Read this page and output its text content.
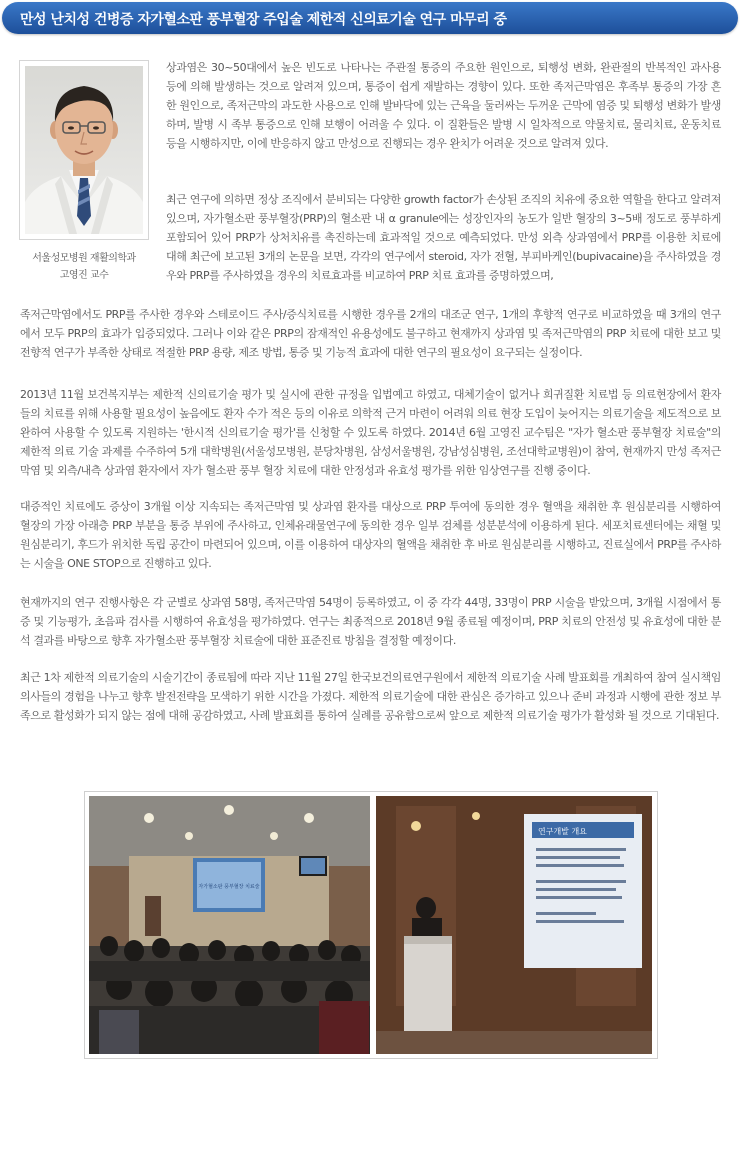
만성 난치성 건병증 자가혈소판 풍부혈장 주입술 제한적 신의료기술 연구 마무리 중
서울성모병원 재활의학과
고영진 교수

상과염은 30~50대에서 높은 빈도로 나타나는 주관절 통증의 주요한 원인으로, 퇴행성 변화, 완관절의 반복적인 과사용 등에 의해 발생하는 것으로 알려져 있으며, 통증이 쉽게 재발하는 경향이 있다. 또한 족저근막염은 후족부 통증의 가장 흔한 원인으로, 족저근막의 과도한 사용으로 인해 발바닥에 있는 근육을 둘러싸는 두꺼운 근막에 염증 및 퇴행성 변화가 발생하며, 발병 시 족부 통증으로 인해 보행이 어려울 수 있다. 이 질환들은 발병 시 일차적으로 약물치료, 물리치료, 운동치료 등을 시행하지만, 이에 반응하지 않고 만성으로 진행되는 경우 완치가 어려운 것으로 알려져 있다.

최근 연구에 의하면 정상 조직에서 분비되는 다양한 growth factor가 손상된 조직의 치유에 중요한 역할을 한다고 알려져 있으며, 자가혈소판 풍부혈장(PRP)의 혈소판 내 α granule에는 성장인자의 농도가 일반 혈장의 3~5배 정도로 풍부하게 포함되어 있어 PRP가 상처치유를 촉진하는데 효과적일 것으로 예측되었다. 만성 외측 상과염에서 PRP를 이용한 치료에 대해 최근에 보고된 3개의 논문을 보면, 각각의 연구에서 steroid, 자가 전혈, 부피바케인(bupivacaine)을 주사하였을 경우와 PRP를 주사하였을 경우의 치료효과를 비교하여 PRP 치료 효과를 증명하였으며,

족저근막염에서도 PRP를 주사한 경우와 스테로이드 주사/증식치료를 시행한 경우를 2개의 대조군 연구, 1개의 후향적 연구로 비교하였을 때 3개의 연구에서 모두 PRP의 효과가 입증되었다. 그러나 이와 같은 PRP의 잠재적인 유용성에도 불구하고 현재까지 상과염 및 족저근막염의 PRP 치료에 대한 보고 및 전향적 연구가 부족한 상태로 적절한 PRP 용량, 제조 방법, 통증 및 기능적 효과에 대한 연구의 필요성이 요구되는 실정이다.

2013년 11월 보건복지부는 제한적 신의료기술 평가 및 실시에 관한 규정을 입법예고 하였고, 대체기술이 없거나 희귀질환 치료법 등 의료현장에서 환자들의 치료를 위해 사용할 필요성이 높음에도 환자 수가 적은 등의 이유로 의학적 근거 마련이 어려워 의료 현장 도입이 늦어지는 의료기술을 제도적으로 보완하여 사용할 수 있도록 지원하는 '한시적 신의료기술 평가'를 신청할 수 있도록 하였다. 2014년 6월 고영진 교수팀은 "자가 혈소판 풍부혈장 치료술"의 제한적 의료 기술 과제를 수주하여 5개 대학병원(서울성모병원, 분당차병원, 삼성서울병원, 강남성심병원, 조선대학교병원)이 참여, 현재까지 만성 족저근막염 및 외측/내측 상과염 환자에서 자가 혈소판 풍부 혈장 치료에 대한 안정성과 유효성 평가를 위한 임상연구를 진행 중이다.

대증적인 치료에도 증상이 3개월 이상 지속되는 족저근막염 및 상과염 환자를 대상으로 PRP 투여에 동의한 경우 혈액을 채취한 후 원심분리를 시행하여 혈장의 가장 아래층 PRP 부분을 통증 부위에 주사하고, 인체유래물연구에 동의한 경우 일부 검체를 성분분석에 이용하게 된다. 세포치료센터에는 채혈 및 원심분리기, 후드가 위치한 독립 공간이 마련되어 있으며, 이를 이용하여 대상자의 혈액을 채취한 후 바로 원심분리를 시행하고, 진료실에서 PRP를 주사하는 시술을 ONE STOP으로 진행하고 있다.

현재까지의 연구 진행사항은 각 군별로 상과염 58명, 족저근막염 54명이 등록하였고, 이 중 각각 44명, 33명이 PRP 시술을 받았으며, 3개월 시점에서 통증 및 기능평가, 초음파 검사를 시행하여 유효성을 평가하였다. 연구는 최종적으로 2018년 9월 종료될 예정이며, PRP 치료의 안전성 및 유효성에 대한 분석 결과를 바탕으로 향후 자가혈소판 풍부혈장 치료술에 대한 표준진료 방침을 결정할 예정이다.

최근 1차 제한적 의료기술의 시술기간이 종료됨에 따라 지난 11월 27일 한국보건의료연구원에서 제한적 의료기술 사례 발표회를 개최하여 참여 실시책임의사들의 경험을 나누고 향후 발전전략을 모색하기 위한 시간을 가졌다. 제한적 의료기술에 대한 관심은 증가하고 있으나 준비 과정과 시행에 관한 정보 부족으로 활성화가 되지 않는 점에 대해 공감하였고, 사례 발표회를 통하여 실례를 공유함으로써 앞으로 제한적 의료기술 평가가 활성화 될 것으로 기대된다.

자가혈소판 풍부혈장 치료술
연구개발 개요
